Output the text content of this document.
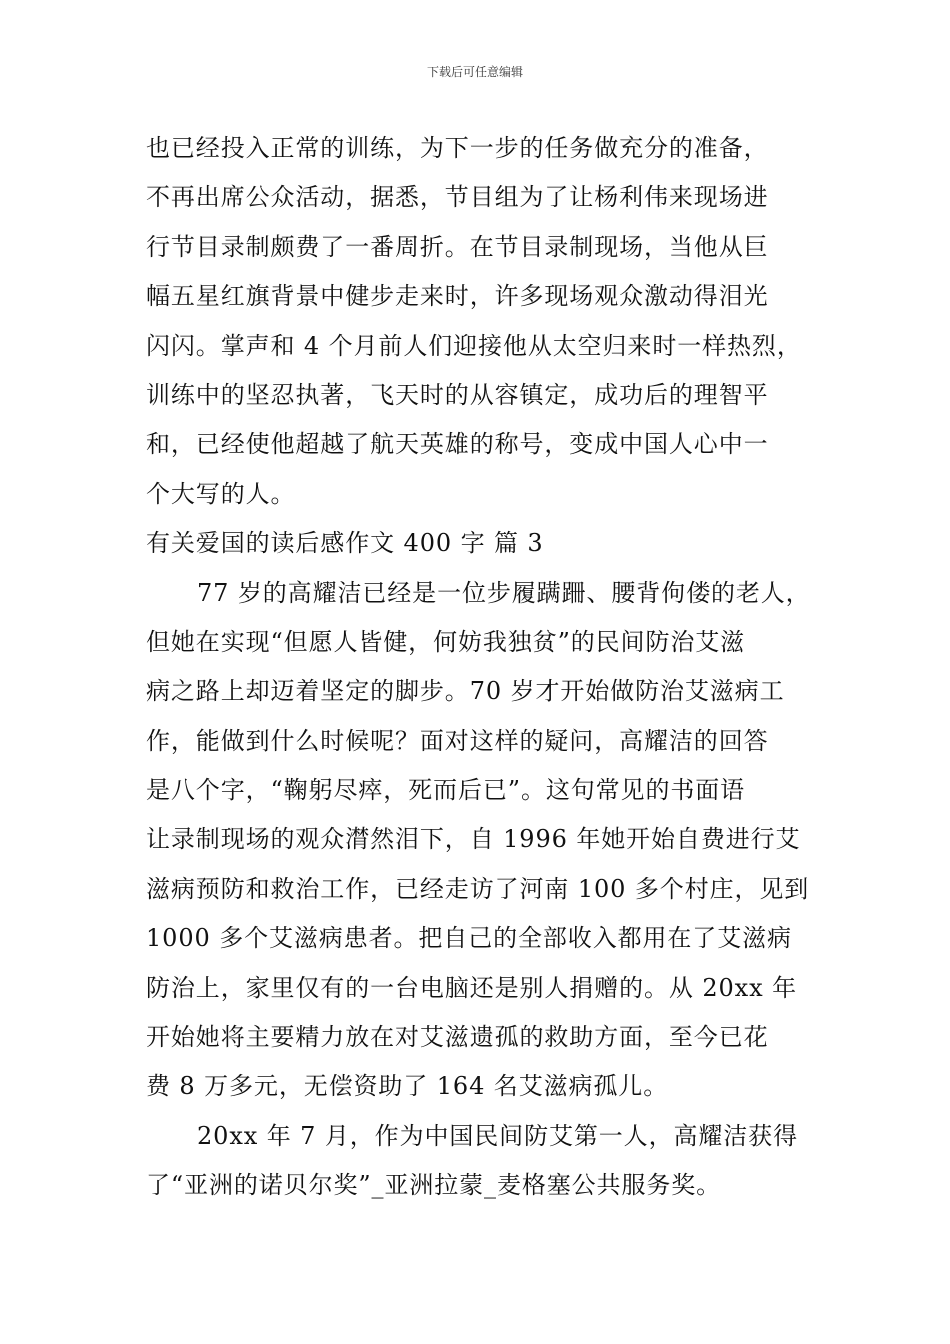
下载后可任意编辑
也已经投入正常的训练，为下一步的任务做充分的准备，
不再出席公众活动，据悉，节目组为了让杨利伟来现场进
行节目录制颇费了一番周折。在节目录制现场，当他从巨
幅五星红旗背景中健步走来时，许多现场观众激动得泪光
闪闪。掌声和 4 个月前人们迎接他从太空归来时一样热烈，
训练中的坚忍执著，飞天时的从容镇定，成功后的理智平
和，已经使他超越了航天英雄的称号，变成中国人心中一
个大写的人。
有关爱国的读后感作文 400 字 篇 3
77 岁的高耀洁已经是一位步履蹒跚、腰背佝偻的老人，
但她在实现“但愿人皆健，何妨我独贫”的民间防治艾滋
病之路上却迈着坚定的脚步。70 岁才开始做防治艾滋病工
作，能做到什么时候呢？面对这样的疑问，高耀洁的回答
是八个字，“鞠躬尽瘁，死而后已”。这句常见的书面语
让录制现场的观众潸然泪下，自 1996 年她开始自费进行艾
滋病预防和救治工作，已经走访了河南 100 多个村庄，见到
1000 多个艾滋病患者。把自己的全部收入都用在了艾滋病
防治上，家里仅有的一台电脑还是别人捐赠的。从 20xx 年
开始她将主要精力放在对艾滋遗孤的救助方面，至今已花
费 8 万多元，无偿资助了 164 名艾滋病孤儿。
20xx 年 7 月，作为中国民间防艾第一人，高耀洁获得
了“亚洲的诺贝尔奖”_亚洲拉蒙_麦格塞公共服务奖。
